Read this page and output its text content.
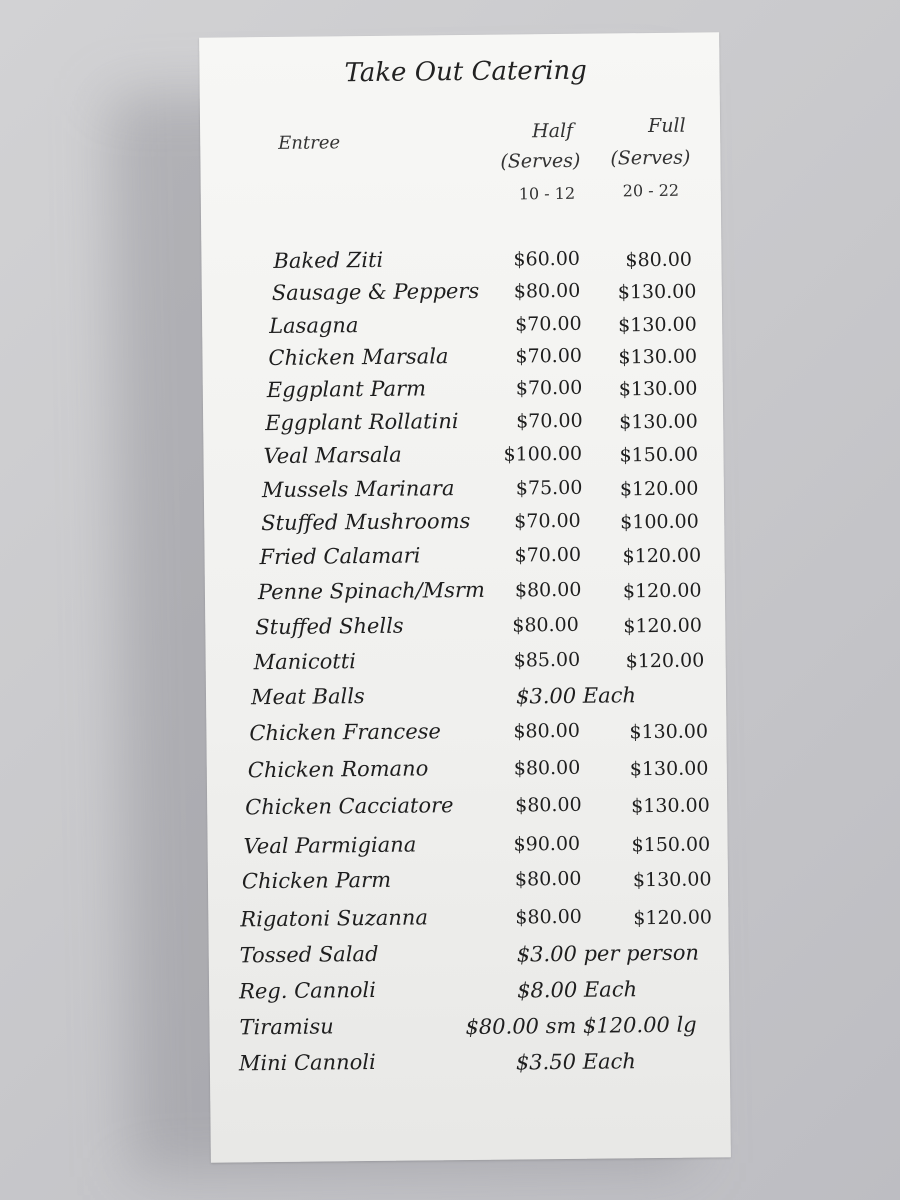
Take Out Catering
Entree
Half	Full
(Serves) (Serves)
10 - 12	20 - 22
Baked Ziti	$60.00 $80.00
Sausage & Peppers $80.00 $130.00
Lasagna	$70.00 $130.00
Chicken Marsala	$70.00 $130.00
Eggplant Parm	$70.00 $130.00
Eggplant Rollatini	$70.00 $130.00
Veal Marsala	$100.00 $150.00
Mussels Marinara	$75.00 $120.00
Stuffed Mushrooms $70.00 $100.00
Fried Calamari	$70.00 $120.00
Penne Spinach/Msrm $80.00 $120.00
Stuffed Shells	$80.00 $120.00
Manicotti	$85.00 $120.00
Meat Balls	$3.00 Each
Chicken Francese	$80.00	$130.00
Chicken Romano	$80.00	$130.00
Chicken Cacciatore	$80.00	$130.00
Veal Parmigiana	$90.00	$150.00
Chicken Parm	$80.00	$130.00
Rigatoni Suzanna	$80.00	$120.00
Tossed Salad	$3.00 per person
Reg. Cannoli	$8.00 Each
Tiramisu	$80.00 sm $120.00 lg
Mini Cannoli	$3.50 Each
